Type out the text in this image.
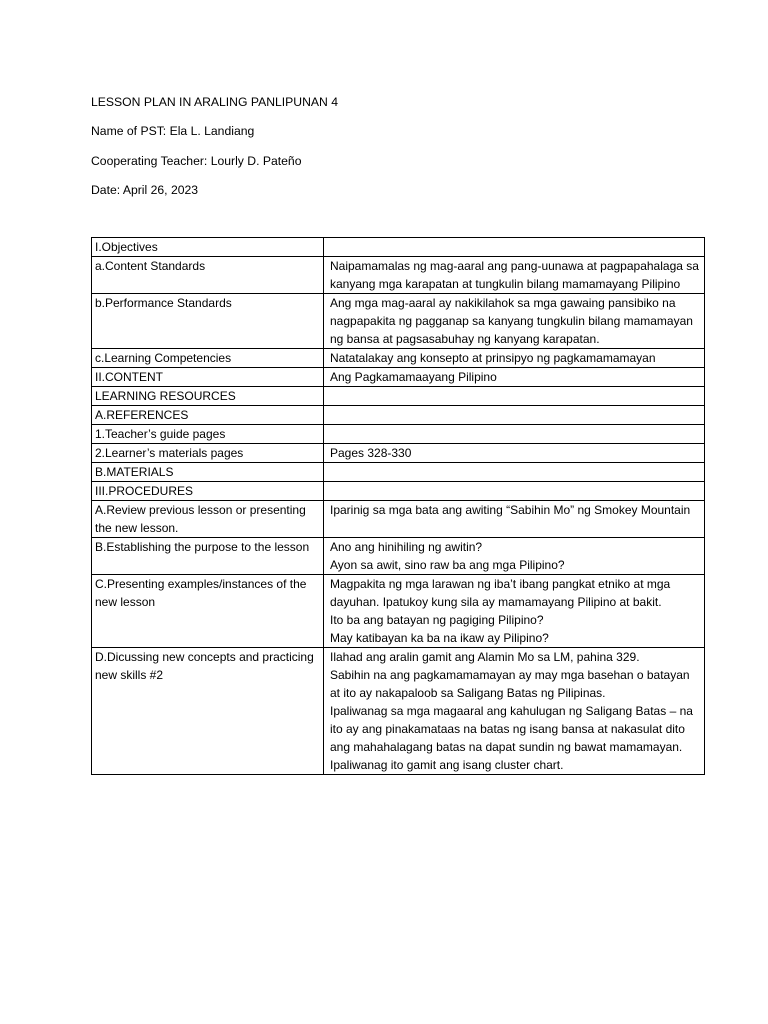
LESSON PLAN IN ARALING PANLIPUNAN 4

Name of PST: Ela L. Landiang

Cooperating Teacher: Lourly D. Pateño

Date: April 26, 2023

I.Objectives	
a.Content Standards	Naipamamalas ng mag-aaral ang pang-uunawa at pagpapahalaga sa kanyang mga karapatan at tungkulin bilang mamamayang Pilipino
b.Performance Standards	Ang mga mag-aaral ay nakikilahok sa mga gawaing pansibiko na nagpapakita ng pagganap sa kanyang tungkulin bilang mamamayan ng bansa at pagsasabuhay ng kanyang karapatan.
c.Learning Competencies	Natatalakay ang konsepto at prinsipyo ng pagkamamamayan
II.CONTENT	Ang Pagkamamaayang Pilipino
LEARNING RESOURCES	
A.REFERENCES	
1.Teacher’s guide pages	
2.Learner’s materials pages	Pages 328-330
B.MATERIALS	
III.PROCEDURES	
A.Review previous lesson or presenting the new lesson.	Iparinig sa mga bata ang awiting “Sabihin Mo” ng Smokey Mountain
B.Establishing the purpose to the lesson	Ano ang hinihiling ng awitin?
Ayon sa awit, sino raw ba ang mga Pilipino?
C.Presenting examples/instances of the new lesson	Magpakita ng mga larawan ng iba’t ibang pangkat etniko at mga dayuhan. Ipatukoy kung sila ay mamamayang Pilipino at bakit.
Ito ba ang batayan ng pagiging Pilipino?
May katibayan ka ba na ikaw ay Pilipino?
D.Dicussing new concepts and practicing new skills #2	Ilahad ang aralin gamit ang Alamin Mo sa LM, pahina 329.
Sabihin na ang pagkamamamayan ay may mga basehan o batayan at ito ay nakapaloob sa Saligang Batas ng Pilipinas.
Ipaliwanag sa mga magaaral ang kahulugan ng Saligang Batas – na ito ay ang pinakamataas na batas ng isang bansa at nakasulat dito ang mahahalagang batas na dapat sundin ng bawat mamamayan.
Ipaliwanag ito gamit ang isang cluster chart.
